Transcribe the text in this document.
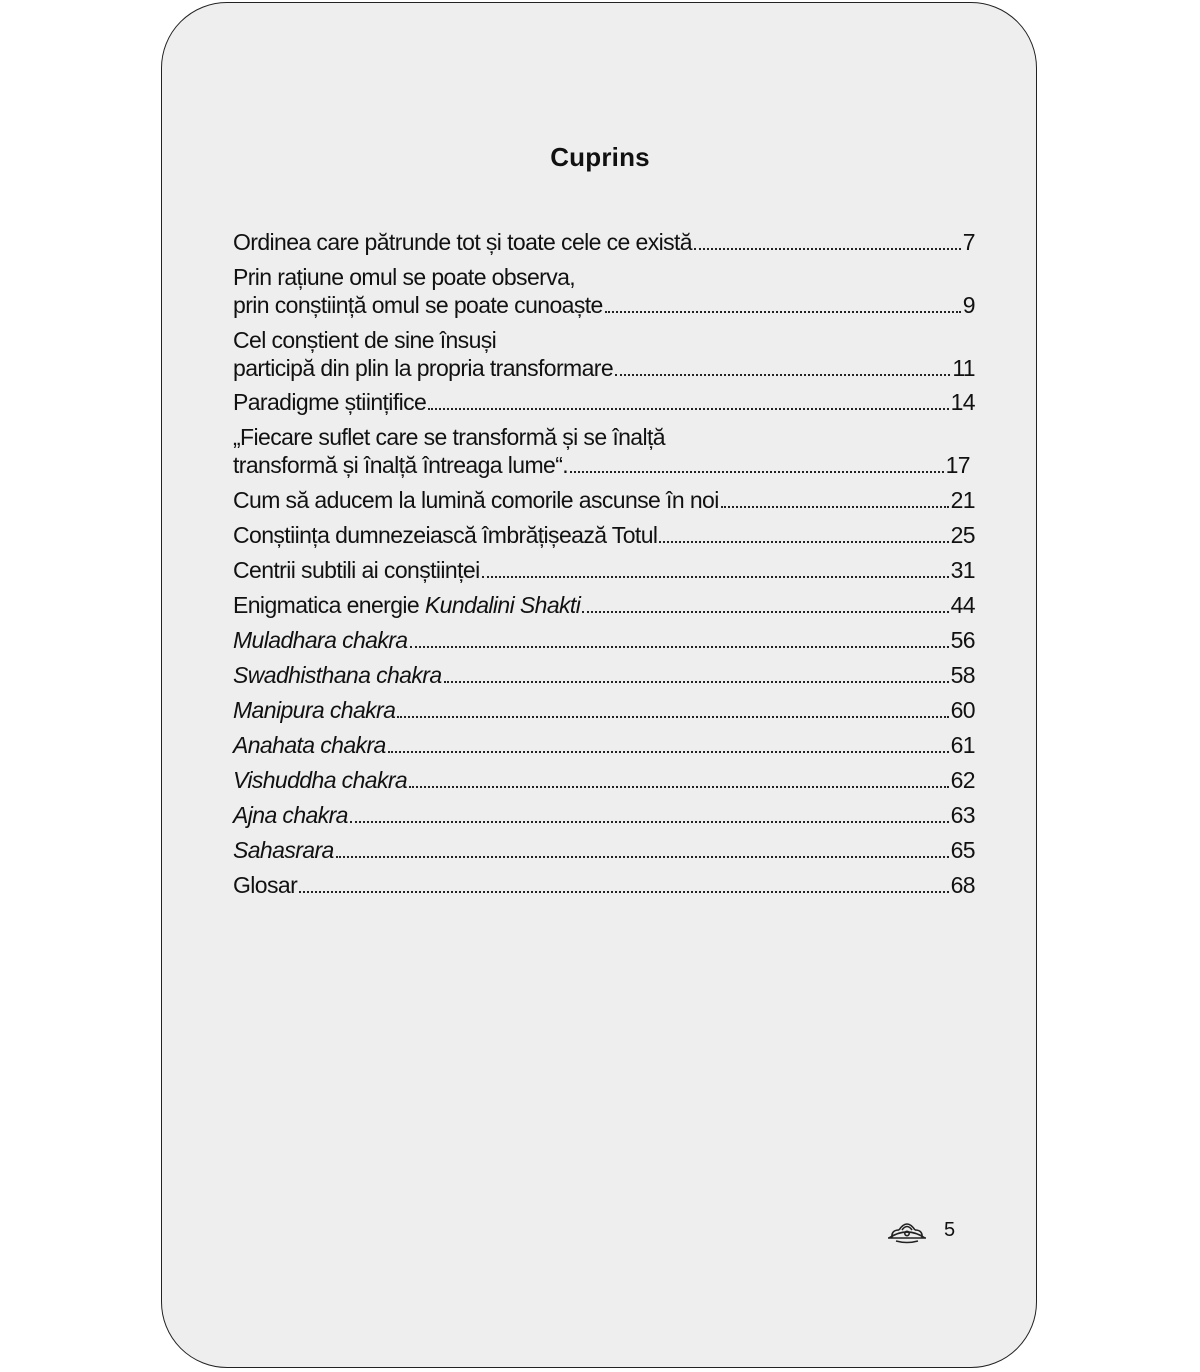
Cuprins
Ordinea care pătrunde tot și toate cele ce există	7
Prin rațiune omul se poate observa,
prin conștiință omul se poate cunoaște	9
Cel conștient de sine însuși
participă din plin la propria transformare	11
Paradigme științifice	14
„Fiecare suflet care se transformă și se înalță
transformă și înalță întreaga lume“.	17
Cum să aducem la lumină comorile ascunse în noi	21
Conștiința dumnezeiască îmbrățișează Totul	25
Centrii subtili ai conștiinței	31
Enigmatica energie Kundalini Shakti	44
Muladhara chakra	56
Swadhisthana chakra	58
Manipura chakra	60
Anahata chakra	61
Vishuddha chakra	62
Ajna chakra	63
Sahasrara	65
Glosar	68
5
